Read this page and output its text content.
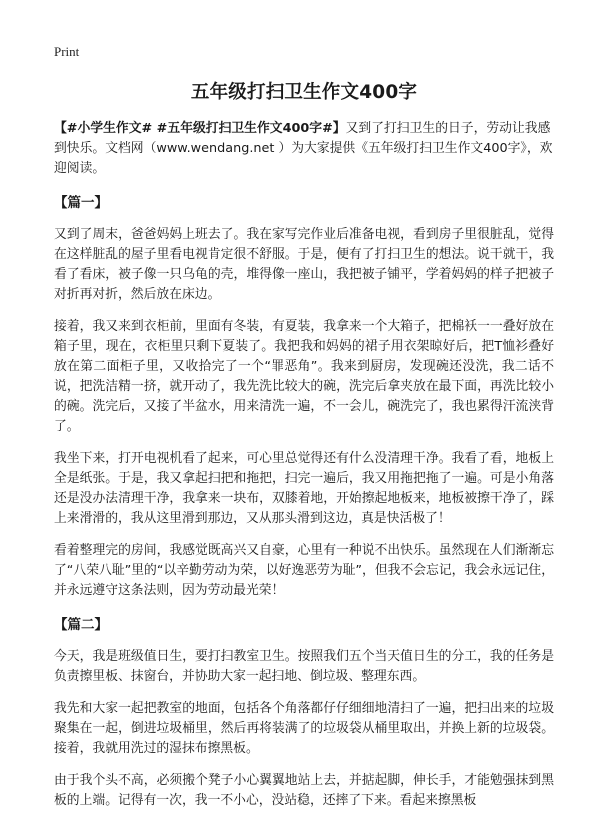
Print
五年级打扫卫生作文400字

【#小学生作文# #五年级打扫卫生作文400字#】又到了打扫卫生的日子，劳动让我感到快乐。文档网（www.wendang.net ）为大家提供《五年级打扫卫生作文400字》，欢迎阅读。

【篇一】

又到了周末，爸爸妈妈上班去了。我在家写完作业后准备电视，看到房子里很脏乱，觉得在这样脏乱的屋子里看电视肯定很不舒服。于是，便有了打扫卫生的想法。说干就干，我看了看床，被子像一只乌龟的壳，堆得像一座山，我把被子铺平，学着妈妈的样子把被子对折再对折，然后放在床边。

接着，我又来到衣柜前，里面有冬装，有夏装，我拿来一个大箱子，把棉袄一一叠好放在箱子里，现在，衣柜里只剩下夏装了。我把我和妈妈的裙子用衣架晾好后，把T恤衫叠好放在第二面柜子里，又收拾完了一个“罪恶角”。我来到厨房，发现碗还没洗，我二话不说，把洗洁精一挤，就开动了，我先洗比较大的碗，洗完后拿夹放在最下面，再洗比较小的碗。洗完后，又接了半盆水，用来清洗一遍，不一会儿，碗洗完了，我也累得汗流浃背了。

我坐下来，打开电视机看了起来，可心里总觉得还有什么没清理干净。我看了看，地板上全是纸张。于是，我又拿起扫把和拖把，扫完一遍后，我又用拖把拖了一遍。可是小角落还是没办法清理干净，我拿来一块布，双膝着地，开始擦起地板来，地板被擦干净了，踩上来滑滑的，我从这里滑到那边，又从那头滑到这边，真是快活极了！

看着整理完的房间，我感觉既高兴又自豪，心里有一种说不出快乐。虽然现在人们渐渐忘了“八荣八耻”里的“以辛勤劳动为荣，以好逸恶劳为耻”，但我不会忘记，我会永远记住，并永远遵守这条法则，因为劳动最光荣！

【篇二】

今天，我是班级值日生，要打扫教室卫生。按照我们五个当天值日生的分工，我的任务是负责擦里板、抹窗台，并协助大家一起扫地、倒垃圾、整理东西。

我先和大家一起把教室的地面，包括各个角落都仔仔细细地清扫了一遍，把扫出来的垃圾聚集在一起，倒进垃圾桶里，然后再将装满了的垃圾袋从桶里取出，并换上新的垃圾袋。接着，我就用洗过的湿抹布擦黑板。

由于我个头不高，必须搬个凳子小心翼翼地站上去，并掂起脚，伸长手，才能勉强抹到黑板的上端。记得有一次，我一不小心，没站稳，还摔了下来。看起来擦黑板
